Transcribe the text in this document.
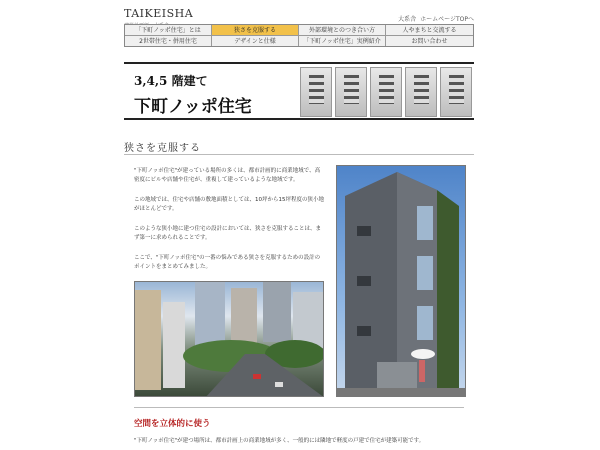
TAIKEISHA	大系舎 ホームページTOPへ
「下町ノッポ住宅」とは	狭さを克服する	外部環境とのつき合い方	人やまちと交流する
2世帯住宅・併用住宅	デザインと仕様	「下町ノッポ住宅」実例紹介	お問い合わせ
3,4,5 階建て
下町ノッポ住宅
狭さを克服する

"下町ノッポ住宅"が建っている場所の多くは、都市計画的に商業地域で、高密度にビルや店舗や住宅が、重複して建っているような地域です。

この地域では、住宅や店舗の敷地面積としては、10坪から15坪程度の狭小地がほとんどです。

このような狭小地に建つ住宅の設計においては、狭さを克服することは、まず第一に求められることです。

ここで、"下町ノッポ住宅"の一番の悩みである狭さを克服するための設計のポイントをまとめてみました。

空間を立体的に使う

"下町ノッポ住宅"が建つ場所は、都市計画上の商業地域が多く、一般的には隣地で軽度の戸建で住宅が建築可能です。
